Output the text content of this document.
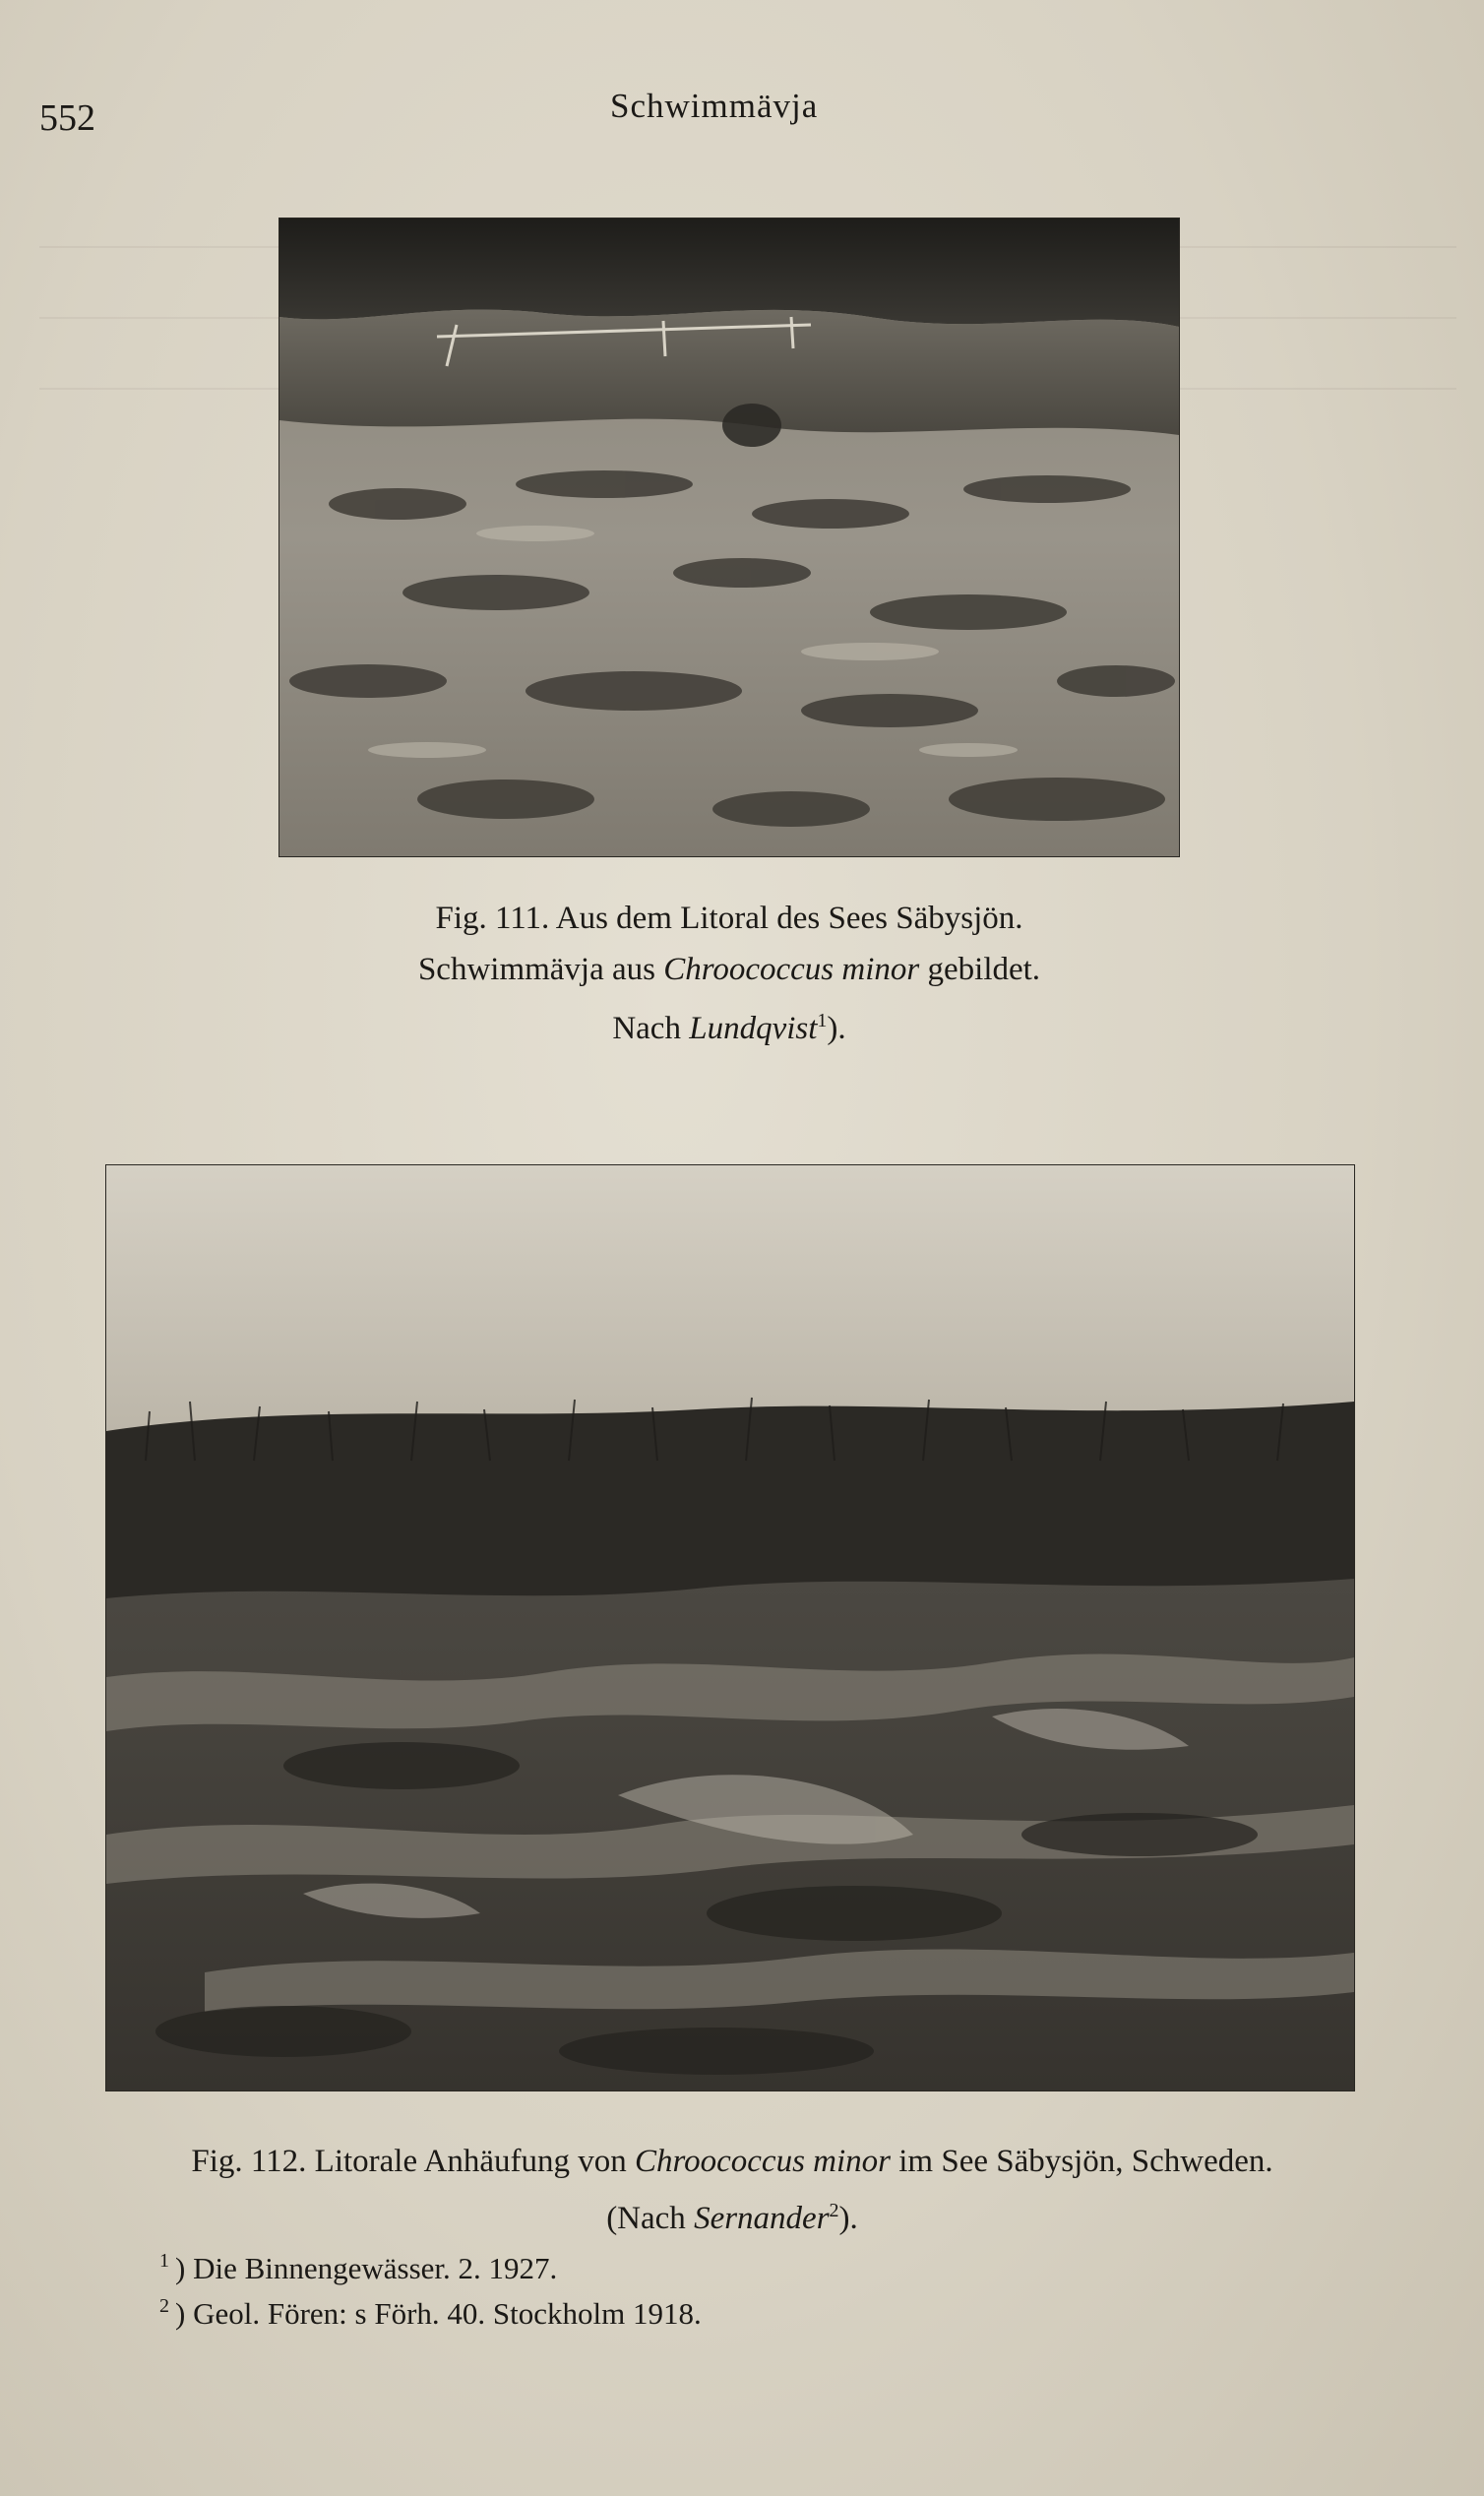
552	Schwimmävja
Fig. 111. Aus dem Litoral des Sees Säbysjön.
Schwimmävja aus Chroococcus minor gebildet.
Nach Lundqvist$^1$).
Fig. 112. Litorale Anhäufung von Chroococcus minor im See Säbysjön, Schweden.
(Nach Sernander$^2$).
$^1$ ) Die Binnengewässer. 2. 1927.
$^2$ ) Geol. Fören: s Förh. 40. Stockholm 1918.
